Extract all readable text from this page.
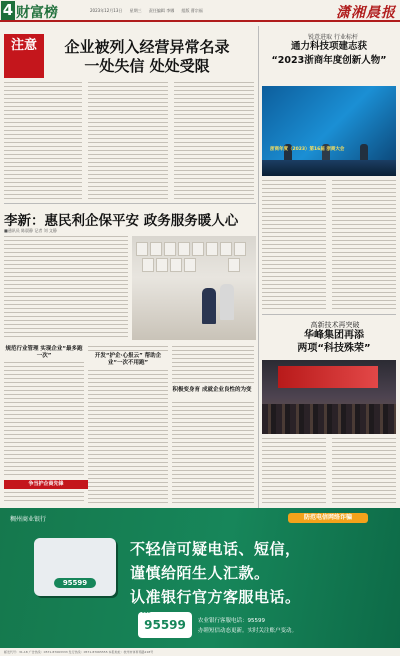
4 财富榜	2023年12月13日 星期三 责任编辑 李娜 组版 曹宗福	潇湘晨报
注意	企业被列入经营异常名录
一处失信 处处受限
锐意进取 行业标杆
通力科技项建志获
“2023浙商年度创新人物”
浙商年度（2023）第16届 浙商大会
李新：惠民利企保平安 政务服务暖人心
■通讯员 陈晨静 记者 刘 文静
规范行业管理 实现企业“最多跑一次”	开发“护企·心报云” 帮助企业“一次不用跑”
积极变身育 成就企业良性的为变
争当护企商先锋
高新技术再突破
华峰集团再添
两项“科技殊荣”
稠州商业银行	防范电信网络诈骗
95599
不轻信可疑电话、短信，
谨慎给陌生人汇款。
认准银行官方客服电话。
24h
95599	农业银行客服电话：95599
办睦短信动态更新。实时关注账户变动。
邮发代号：31-18 广告热线：0571-87063333 发行热线：0571-87065555 本报地址：杭州市体育场路218号
